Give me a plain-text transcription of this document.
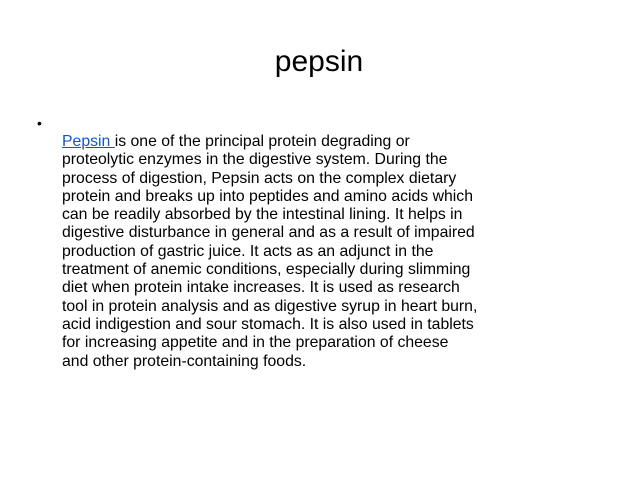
pepsin
•
Pepsin is one of the principal protein degrading or
proteolytic enzymes in the digestive system. During the
process of digestion, Pepsin acts on the complex dietary
protein and breaks up into peptides and amino acids which
can be readily absorbed by the intestinal lining. It helps in
digestive disturbance in general and as a result of impaired
production of gastric juice. It acts as an adjunct in the
treatment of anemic conditions, especially during slimming
diet when protein intake increases. It is used as research
tool in protein analysis and as digestive syrup in heart burn,
acid indigestion and sour stomach. It is also used in tablets
for increasing appetite and in the preparation of cheese
and other protein-containing foods.
